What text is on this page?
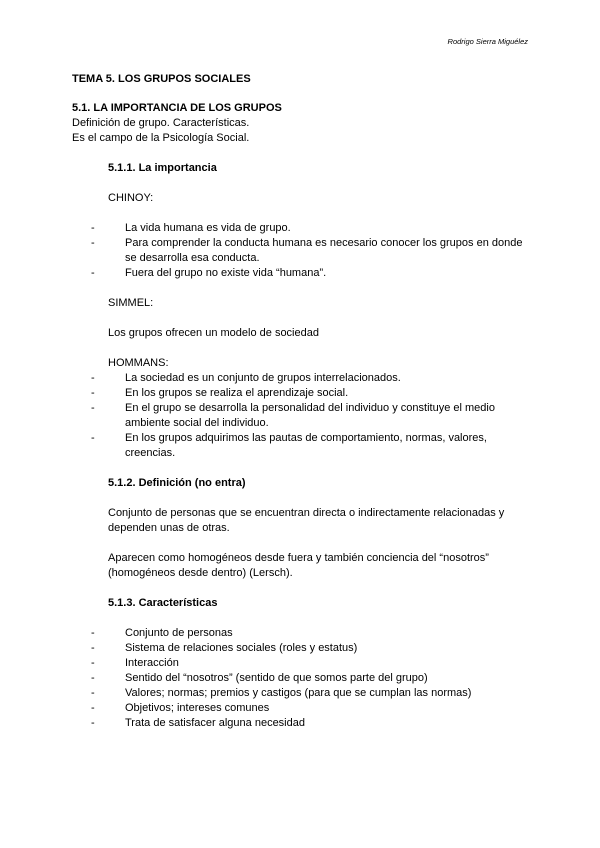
Rodrigo Sierra Miguélez
TEMA 5. LOS GRUPOS SOCIALES
5.1. LA IMPORTANCIA DE LOS GRUPOS
Definición de grupo. Características.
Es el campo de la Psicología Social.
5.1.1. La importancia
CHINOY:
-	La vida humana es vida de grupo.
-	Para comprender la conducta humana es necesario conocer los grupos en donde se desarrolla esa conducta.
-	Fuera del grupo no existe vida “humana”.
SIMMEL:
Los grupos ofrecen un modelo de sociedad
HOMMANS:
-	La sociedad es un conjunto de grupos interrelacionados.
-	En los grupos se realiza el aprendizaje social.
-	En el grupo se desarrolla la personalidad del individuo y constituye el medio ambiente social del individuo.
-	En los grupos adquirimos las pautas de comportamiento, normas, valores, creencias.
5.1.2. Definición (no entra)
Conjunto de personas que se encuentran directa o indirectamente relacionadas y dependen unas de otras.
Aparecen como homogéneos desde fuera y también conciencia del “nosotros” (homogéneos desde dentro) (Lersch).
5.1.3. Características
-	Conjunto de personas
-	Sistema de relaciones sociales (roles y estatus)
-	Interacción
-	Sentido del “nosotros” (sentido de que somos parte del grupo)
-	Valores; normas; premios y castigos (para que se cumplan las normas)
-	Objetivos; intereses comunes
-	Trata de satisfacer alguna necesidad
